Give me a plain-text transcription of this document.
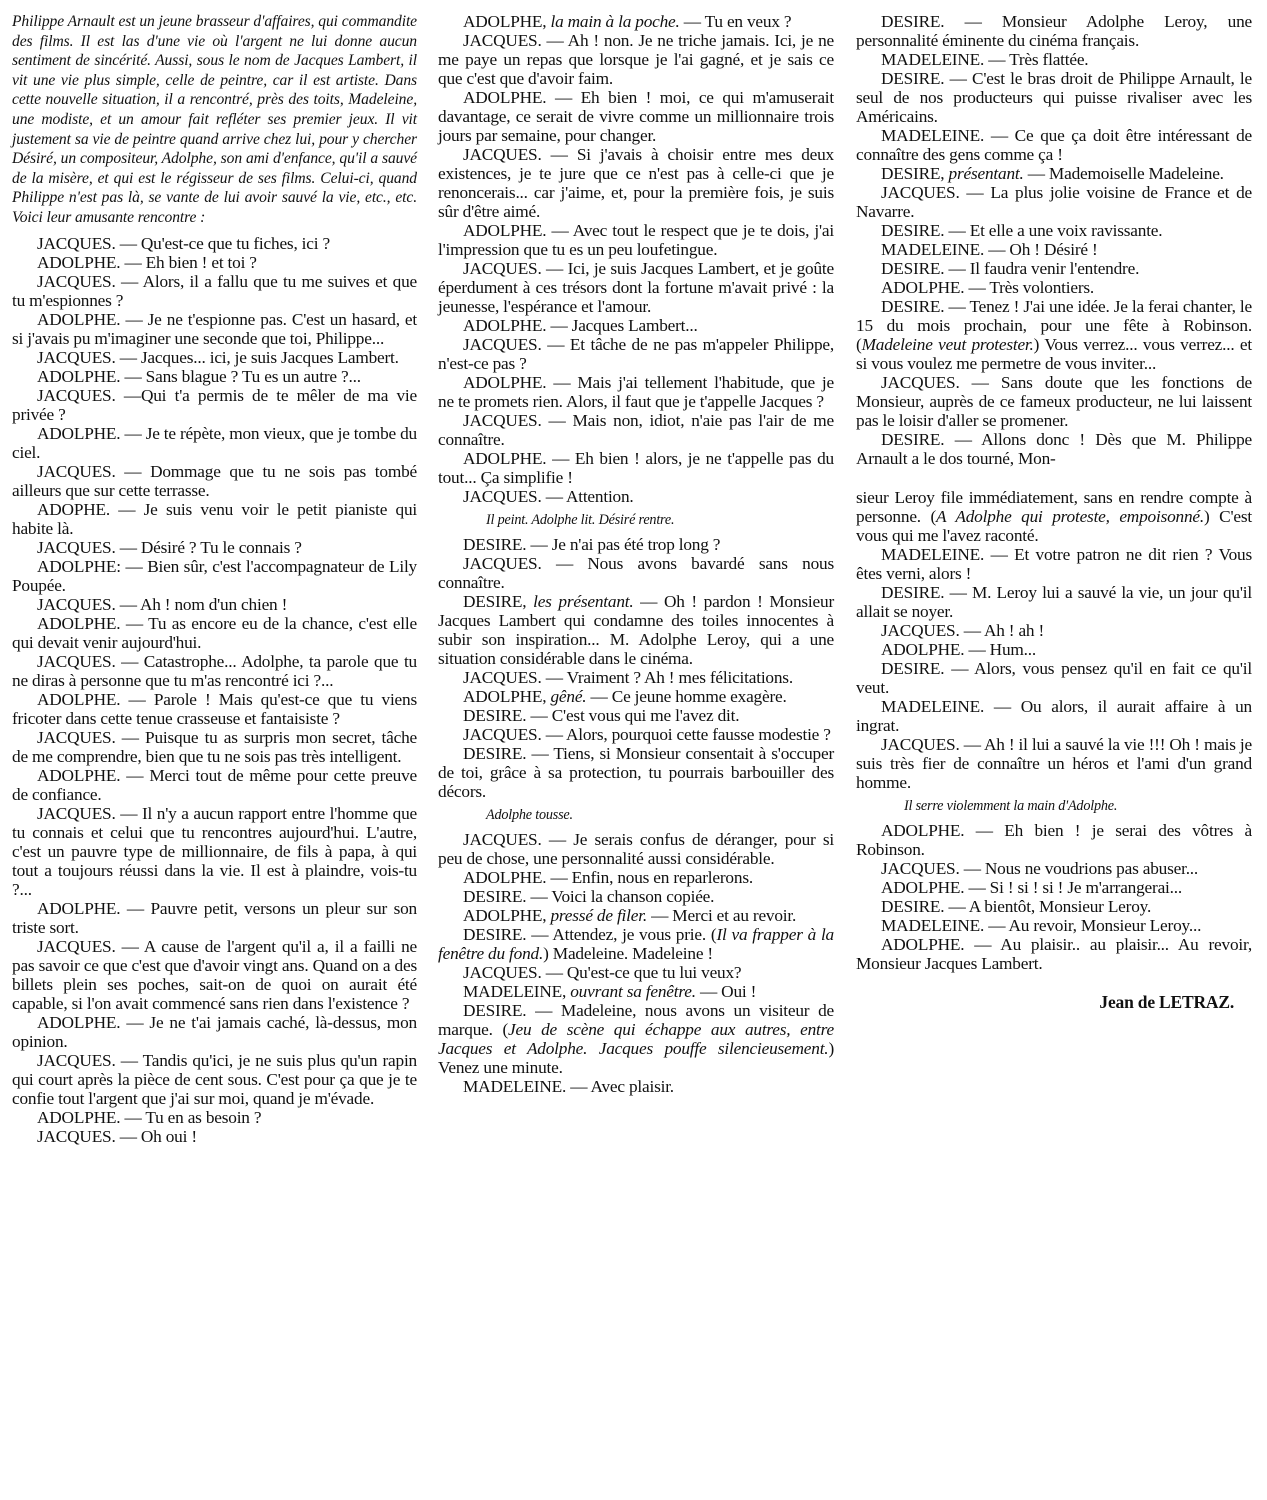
Philippe Arnault est un jeune brasseur d'affaires, qui commandite des films. Il est las d'une vie où l'argent ne lui donne aucun sentiment de sincérité. Aussi, sous le nom de Jacques Lambert, il vit une vie plus simple, celle de peintre, car il est artiste. Dans cette nouvelle situation, il a rencontré, près des toits, Madeleine, une modiste, et un amour fait refléter ses premier jeux. Il vit justement sa vie de peintre quand arrive chez lui, pour y chercher Désiré, un compositeur, Adolphe, son ami d'enfance, qu'il a sauvé de la misère, et qui est le régisseur de ses films. Celui-ci, quand Philippe n'est pas là, se vante de lui avoir sauvé la vie, etc., etc. Voici leur amusante rencontre :

JACQUES. — Qu'est-ce que tu fiches, ici ?

ADOLPHE. — Eh bien ! et toi ?

JACQUES. — Alors, il a fallu que tu me suives et que tu m'espionnes ?

ADOLPHE. — Je ne t'espionne pas. C'est un hasard, et si j'avais pu m'imaginer une seconde que toi, Philippe...

JACQUES. — Jacques... ici, je suis Jacques Lambert.

ADOLPHE. — Sans blague ? Tu es un autre ?...

JACQUES. —Qui t'a permis de te mêler de ma vie privée ?

ADOLPHE. — Je te répète, mon vieux, que je tombe du ciel.

JACQUES. — Dommage que tu ne sois pas tombé ailleurs que sur cette terrasse.

ADOPHE. — Je suis venu voir le petit pianiste qui habite là.

JACQUES. — Désiré ? Tu le connais ?

ADOLPHE: — Bien sûr, c'est l'accompagnateur de Lily Poupée.

JACQUES. — Ah ! nom d'un chien !

ADOLPHE. — Tu as encore eu de la chance, c'est elle qui devait venir aujourd'hui.

JACQUES. — Catastrophe... Adolphe, ta parole que tu ne diras à personne que tu m'as rencontré ici ?...

ADOLPHE. — Parole ! Mais qu'est-ce que tu viens fricoter dans cette tenue crasseuse et fantaisiste ?

JACQUES. — Puisque tu as surpris mon secret, tâche de me comprendre, bien que tu ne sois pas très intelligent.

ADOLPHE. — Merci tout de même pour cette preuve de confiance.

JACQUES. — Il n'y a aucun rapport entre l'homme que tu connais et celui que tu rencontres aujourd'hui. L'autre, c'est un pauvre type de millionnaire, de fils à papa, à qui tout a toujours réussi dans la vie. Il est à plaindre, vois-tu ?...

ADOLPHE. — Pauvre petit, versons un pleur sur son triste sort.

JACQUES. — A cause de l'argent qu'il a, il a failli ne pas savoir ce que c'est que d'avoir vingt ans. Quand on a des billets plein ses poches, sait-on de quoi on aurait été capable, si l'on avait commencé sans rien dans l'existence ?

ADOLPHE. — Je ne t'ai jamais caché, là-dessus, mon opinion.

JACQUES. — Tandis qu'ici, je ne suis plus qu'un rapin qui court après la pièce de cent sous. C'est pour ça que je te confie tout l'argent que j'ai sur moi, quand je m'évade.

ADOLPHE. — Tu en as besoin ?

JACQUES. — Oh oui !

ADOLPHE, la main à la poche. — Tu en veux ?

JACQUES. — Ah ! non. Je ne triche jamais. Ici, je ne me paye un repas que lorsque je l'ai gagné, et je sais ce que c'est que d'avoir faim.

ADOLPHE. — Eh bien ! moi, ce qui m'amuserait davantage, ce serait de vivre comme un millionnaire trois jours par semaine, pour changer.

JACQUES. — Si j'avais à choisir entre mes deux existences, je te jure que ce n'est pas à celle-ci que je renoncerais... car j'aime, et, pour la première fois, je suis sûr d'être aimé.

ADOLPHE. — Avec tout le respect que je te dois, j'ai l'impression que tu es un peu loufetingue.

JACQUES. — Ici, je suis Jacques Lambert, et je goûte éperdument à ces trésors dont la fortune m'avait privé : la jeunesse, l'espérance et l'amour.

ADOLPHE. — Jacques Lambert...

JACQUES. — Et tâche de ne pas m'appeler Philippe, n'est-ce pas ?

ADOLPHE. — Mais j'ai tellement l'habitude, que je ne te promets rien. Alors, il faut que je t'appelle Jacques ?

JACQUES. — Mais non, idiot, n'aie pas l'air de me connaître.

ADOLPHE. — Eh bien ! alors, je ne t'appelle pas du tout... Ça simplifie !

JACQUES. — Attention.

Il peint. Adolphe lit. Désiré rentre.

DESIRE. — Je n'ai pas été trop long ?

JACQUES. — Nous avons bavardé sans nous connaître.

DESIRE, les présentant. — Oh ! pardon ! Monsieur Jacques Lambert qui condamne des toiles innocentes à subir son inspiration... M. Adolphe Leroy, qui a une situation considérable dans le cinéma.

JACQUES. — Vraiment ? Ah ! mes félicitations.

ADOLPHE, gêné. — Ce jeune homme exagère.

DESIRE. — C'est vous qui me l'avez dit.

JACQUES. — Alors, pourquoi cette fausse modestie ?

DESIRE. — Tiens, si Monsieur consentait à s'occuper de toi, grâce à sa protection, tu pourrais barbouiller des décors.

Adolphe tousse.

JACQUES. — Je serais confus de déranger, pour si peu de chose, une personnalité aussi considérable.

ADOLPHE. — Enfin, nous en reparlerons.

DESIRE. — Voici la chanson copiée.

ADOLPHE, pressé de filer. — Merci et au revoir.

DESIRE. — Attendez, je vous prie. (Il va frapper à la fenêtre du fond.) Madeleine. Madeleine !

JACQUES. — Qu'est-ce que tu lui veux?

MADELEINE, ouvrant sa fenêtre. — Oui !

DESIRE. — Madeleine, nous avons un visiteur de marque. (Jeu de scène qui échappe aux autres, entre Jacques et Adolphe. Jacques pouffe silencieusement.) Venez une minute.

MADELEINE. — Avec plaisir.

DESIRE. — Monsieur Adolphe Leroy, une personnalité éminente du cinéma français.

MADELEINE. — Très flattée.

DESIRE. — C'est le bras droit de Philippe Arnault, le seul de nos producteurs qui puisse rivaliser avec les Américains.

MADELEINE. — Ce que ça doit être intéressant de connaître des gens comme ça !

DESIRE, présentant. — Mademoiselle Madeleine.

JACQUES. — La plus jolie voisine de France et de Navarre.

DESIRE. — Et elle a une voix ravissante.

MADELEINE. — Oh ! Désiré !

DESIRE. — Il faudra venir l'entendre.

ADOLPHE. — Très volontiers.

DESIRE. — Tenez ! J'ai une idée. Je la ferai chanter, le 15 du mois prochain, pour une fête à Robinson. (Madeleine veut protester.) Vous verrez... vous verrez... et si vous voulez me permetre de vous inviter...

JACQUES. — Sans doute que les fonctions de Monsieur, auprès de ce fameux producteur, ne lui laissent pas le loisir d'aller se promener.

DESIRE. — Allons donc ! Dès que M. Philippe Arnault a le dos tourné, Mon-

sieur Leroy file immédiatement, sans en rendre compte à personne. (A Adolphe qui proteste, empoisonné.) C'est vous qui me l'avez raconté.

MADELEINE. — Et votre patron ne dit rien ? Vous êtes verni, alors !

DESIRE. — M. Leroy lui a sauvé la vie, un jour qu'il allait se noyer.

JACQUES. — Ah ! ah !

ADOLPHE. — Hum...

DESIRE. — Alors, vous pensez qu'il en fait ce qu'il veut.

MADELEINE. — Ou alors, il aurait affaire à un ingrat.

JACQUES. — Ah ! il lui a sauvé la vie !!! Oh ! mais je suis très fier de connaître un héros et l'ami d'un grand homme.

Il serre violemment la main d'Adolphe.

ADOLPHE. — Eh bien ! je serai des vôtres à Robinson.

JACQUES. — Nous ne voudrions pas abuser...

ADOLPHE. — Si ! si ! si ! Je m'arrangerai...

DESIRE. — A bientôt, Monsieur Leroy.

MADELEINE. — Au revoir, Monsieur Leroy...

ADOLPHE. — Au plaisir.. au plaisir... Au revoir, Monsieur Jacques Lambert.

Jean de LETRAZ.
